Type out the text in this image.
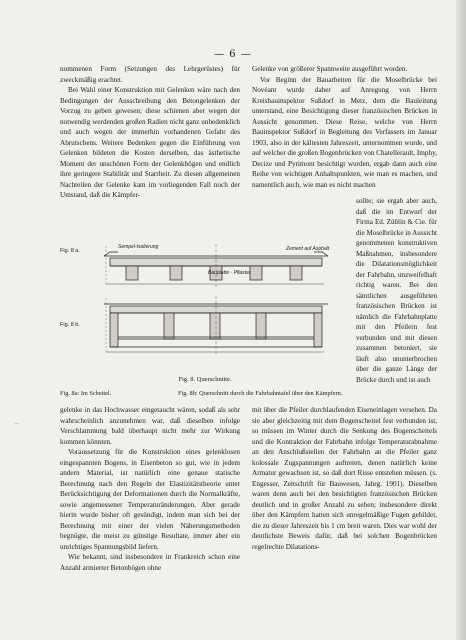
— 6 —

nommenen Form (Setzungen des Lehrgerüstes) für zweckmäßig erachtet.

Bei Wahl einer Konstruktion mit Gelenken wäre nach den Bedingungen der Ausschreibung den Betongelenken der Vorzug zu geben gewesen; diese schienen aber wegen der notwendig werdenden großen Radien nicht ganz unbedenklich und auch wegen der immerhin vorhandenen Gefahr des Abrutschens. Weitere Bedenken gegen die Einführung von Gelenken bildeten die Kosten derselben, das ästhetische Moment der unschönen Form der Gelenkbögen und endlich ihre geringere Stabilität und Starrheit. Zu diesen allgemeinen Nachteilen der Gelenke kam im vorliegenden Fall noch der Umstand, daß die Kämpfer-

Gelenke von größerer Spannweite ausgeführt worden.

Vor Beginn der Bauarbeiten für die Moselbrücke bei Novéant wurde daher auf Anregung von Herrn Kreisbauinspektor Sußdorf in Metz, dem die Bauleitung unterstand, eine Besichtigung dieser französischen Brücken in Aussicht genommen. Diese Reise, welche von Herrn Bauinspektor Sußdorf in Begleitung des Verfassers im Januar 1903, also in der kältesten Jahreszeit, unternommen wurde, und auf welcher die großen Bogenbrücken von Chatellerault, Imphy, Decize und Pyrimont besichtigt wurden, ergab dann auch eine Reihe von wichtigen Anhaltspunkten, wie man es machen, und namentlich auch, wie man es nicht machen

sollte; sie ergab aber auch, daß die im Entwurf der Firma Ed. Züblin & Cie. für die Moselbrücke in Aussicht genommenen konstruktiven Maßnahmen, insbesondere die Dilatationsmöglichkeit der Fahrbahn, unzweifelhaft richtig waren. Bei den sämtlichen ausgeführten französischen Brücken ist nämlich die Fahrbahnplatte mit den Pfeilern fest verbunden und mit diesen zusammen betoniert, sie läuft also ununterbrochen über die ganze Länge der Brücke durch und ist auch

Fig. 8 a.
Fig. 8 b.
Sempel-Isolierung
Bauplatte · Pflaster
Zement auf Asphalt
Fig. 8. Querschnitte.
Fig. 8a: Im Scheitel.	Fig. 8b: Querschnitt durch die Fahrbahntafel über den Kämpfern.

gelenke in das Hochwasser eingetaucht wären, sodaß als sehr wahrscheinlich anzunehmen war, daß dieselben infolge Verschlammung bald überhaupt nicht mehr zur Wirkung kommen könnten.

Voraussetzung für die Konstruktion eines gelenklosen eingespannten Bogens, in Eisenbeton so gut, wie in jedem andern Material, ist natürlich eine genaue statische Berechnung nach den Regeln der Elastizitätstheorie unter Berücksichtigung der Deformationen durch die Normalkräfte, sowie angemessener Temperaturänderungen. Aber gerade hierin wurde bisher oft gesündigt, indem man sich bei der Berechnung mit einer der vielen Näherungsmethoden begnügte, die meist zu günstige Resultate, immer aber ein unrichtiges Spannungsbild liefern.

Wie bekannt, sind insbesondere in Frankreich schon eine Anzahl armierter Betonbögen ohne

mit über die Pfeiler durchlaufenden Eiseneinlagen versehen. Da sie aber gleichzeitig mit dem Bogenscheitel fest verbunden ist, so müssen im Winter durch die Senkung des Bogenscheitels und die Kontraktion der Fahrbahn infolge Temperaturabnahme an den Anschlußstellen der Fahrbahn an die Pfeiler ganz kolossale Zugspannungen auftreten, denen natürlich keine Armatur gewachsen ist, so daß dort Risse entstehen müssen. (s. Engesser, Zeitschrift für Bauwesen, Jahrg. 1901). Dieselben waren denn auch bei den besichtigten französischen Brücken deutlich und in großer Anzahl zu sehen; insbesondere direkt über den Kämpfern hatten sich unregelmäßige Fugen gebildet, die zu dieser Jahreszeit bis 1 cm breit waren. Dies war wohl der deutlichste Beweis dafür, daß bei solchen Bogenbrücken regelrechte Dilatations-

~
